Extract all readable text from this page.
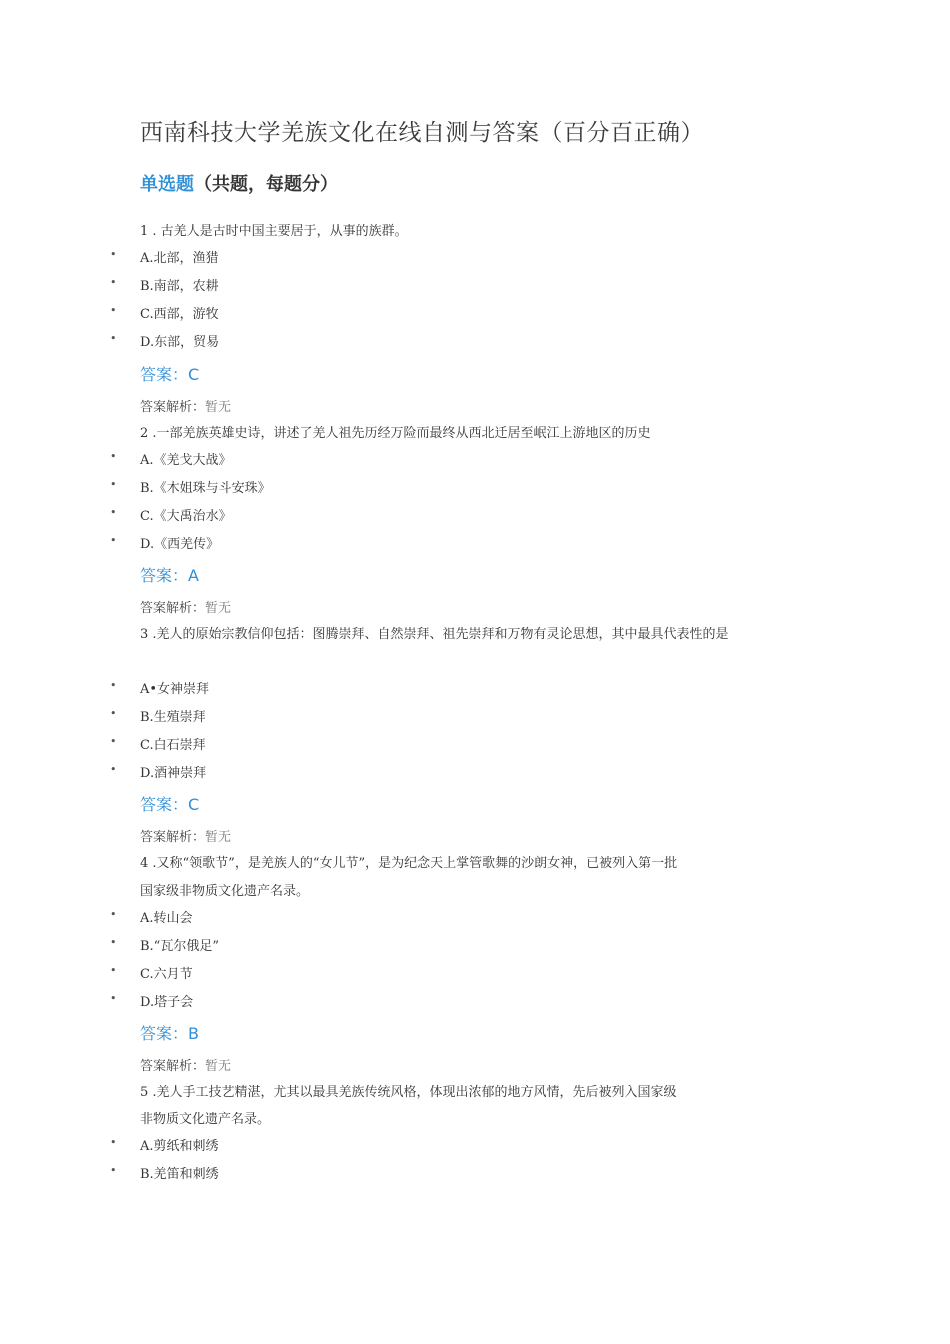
西南科技大学羌族文化在线自测与答案（百分百正确）
单选题（共题，每题分）
1 . 古羌人是古时中国主要居于，从事的族群。
• A.北部，渔猎
• B.南部，农耕
• C.西部，游牧
• D.东部，贸易
答案：C
答案解析：暂无
2 .一部羌族英雄史诗，讲述了羌人祖先历经万险而最终从西北迁居至岷江上游地区的历史
• A.《羌戈大战》
• B.《木姐珠与斗安珠》
• C.《大禹治水》
• D.《西羌传》
答案：A
答案解析：暂无
3 .羌人的原始宗教信仰包括：图腾崇拜、自然崇拜、祖先崇拜和万物有灵论思想，其中最具代表性的是
• A•女神崇拜
• B.生殖崇拜
• C.白石崇拜
• D.酒神崇拜
答案：C
答案解析：暂无
4 .又称“领歌节”，是羌族人的“女儿节”，是为纪念天上掌管歌舞的沙朗女神，已被列入第一批
国家级非物质文化遗产名录。
• A.转山会
• B.“瓦尔俄足”
• C.六月节
• D.塔子会
答案：B
答案解析：暂无
5 .羌人手工技艺精湛，尤其以最具羌族传统风格，体现出浓郁的地方风情，先后被列入国家级
非物质文化遗产名录。
• A.剪纸和刺绣
• B.羌笛和刺绣
